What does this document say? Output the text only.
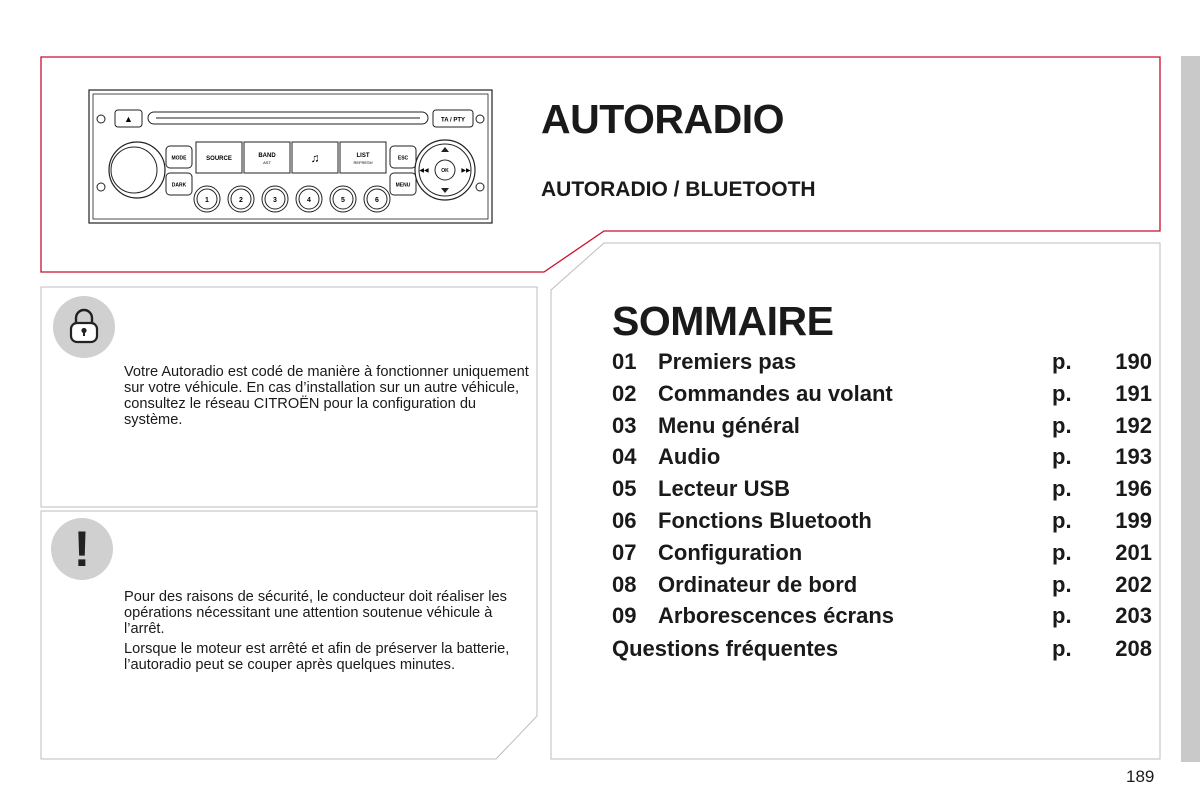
▲	TA / PTY
MODE
DARK
SOURCE	BAND
AST	♫	LIST
REFRESH
ESC
MENU
OK
◀◀	▶▶
1	2	3	4	5	6
AUTORADIO
AUTORADIO / BLUETOOTH

Votre Autoradio est codé de manière à fonctionner uniquement sur votre véhicule. En cas d’installation sur un autre véhicule, consultez le réseau CITROËN pour la configuration du système.

!

Pour des raisons de sécurité, le conducteur doit réaliser les opérations nécessitant une attention soutenue véhicule à l’arrêt.

Lorsque le moteur est arrêté et afin de préserver la batterie, l’autoradio peut se couper après quelques minutes.

SOMMAIRE
01 Premiers pas	p. 190
02 Commandes au volant	p. 191
03 Menu général	p. 192
04 Audio	p. 193
05 Lecteur USB	p. 196
06 Fonctions Bluetooth	p. 199
07 Configuration	p. 201
08 Ordinateur de bord	p. 202
09 Arborescences écrans	p. 203
Questions fréquentes	p. 208
189
